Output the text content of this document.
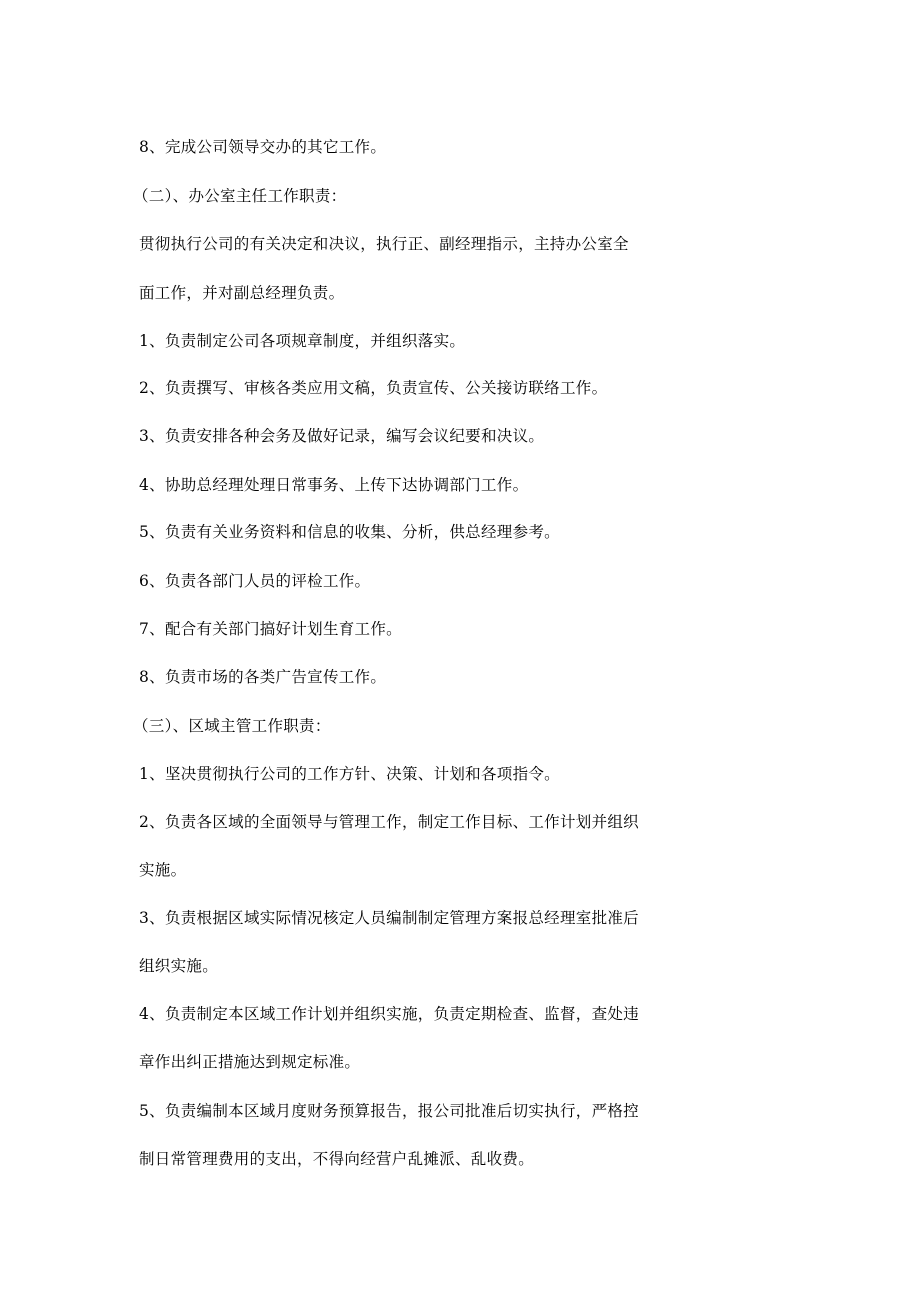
8、完成公司领导交办的其它工作。
（二）、办公室主任工作职责：
贯彻执行公司的有关决定和决议，执行正、副经理指示，主持办公室全
面工作，并对副总经理负责。
1、负责制定公司各项规章制度，并组织落实。
2、负责撰写、审核各类应用文稿，负责宣传、公关接访联络工作。
3、负责安排各种会务及做好记录，编写会议纪要和决议。
4、协助总经理处理日常事务、上传下达协调部门工作。
5、负责有关业务资料和信息的收集、分析，供总经理参考。
6、负责各部门人员的评检工作。
7、配合有关部门搞好计划生育工作。
8、负责市场的各类广告宣传工作。
（三）、区域主管工作职责：
1、坚决贯彻执行公司的工作方针、决策、计划和各项指令。
2、负责各区域的全面领导与管理工作，制定工作目标、工作计划并组织
实施。
3、负责根据区域实际情况核定人员编制制定管理方案报总经理室批准后
组织实施。
4、负责制定本区域工作计划并组织实施，负责定期检查、监督，查处违
章作出纠正措施达到规定标准。
5、负责编制本区域月度财务预算报告，报公司批准后切实执行，严格控
制日常管理费用的支出，不得向经营户乱摊派、乱收费。
